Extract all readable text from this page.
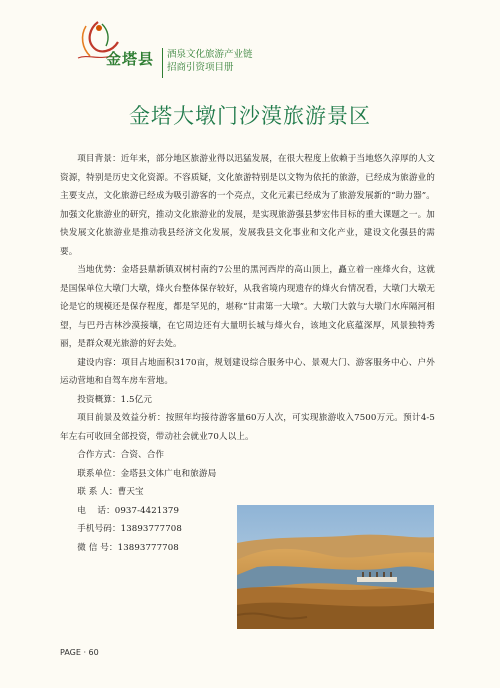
金塔县 酒泉文化旅游产业链
招商引资项目册
金塔大墩门沙漠旅游景区

项目背景：近年来，部分地区旅游业得以迅猛发展，在很大程度上依赖于当地悠久淳厚的人文资源，特别是历史文化资源。不容质疑，文化旅游特别是以文物为依托的旅游，已经成为旅游业的主要支点，文化旅游已经成为吸引游客的一个亮点，文化元素已经成为了旅游发展新的“助力器”。加强文化旅游业的研究，推动文化旅游业的发展，是实现旅游强县梦宏伟目标的重大课题之一。加快发展文化旅游业是推动我县经济文化发展，发展我县文化事业和文化产业，建设文化强县的需要。

当地优势：金塔县鼎新镇双树村南约7公里的黑河西岸的高山顶上，矗立着一座烽火台，这就是国保单位大墩门大墩，烽火台整体保存较好，从我省境内现遗存的烽火台情况看，大墩门大墩无论是它的规模还是保存程度，都是罕见的，堪称“甘肃第一大墩”。大墩门大敦与大墩门水库隔河相望，与巴丹吉林沙漠接壤，在它周边还有大量明长城与烽火台，该地文化底蕴深厚，风景独特秀丽，是群众观光旅游的好去处。

建设内容：项目占地面积3170亩，规划建设综合服务中心、景观大门、游客服务中心、户外运动营地和自驾车房车营地。

投资概算：1.5亿元

项目前景及效益分析：按照年均接待游客量60万人次，可实现旅游收入7500万元。预计4-5年左右可收回全部投资，带动社会就业70人以上。

合作方式：合资、合作

联系单位：金塔县文体广电和旅游局

联 系 人：曹天宝

电　 话：0937-4421379

手机号码：13893777708

微 信 号：13893777708

PAGE · 60
